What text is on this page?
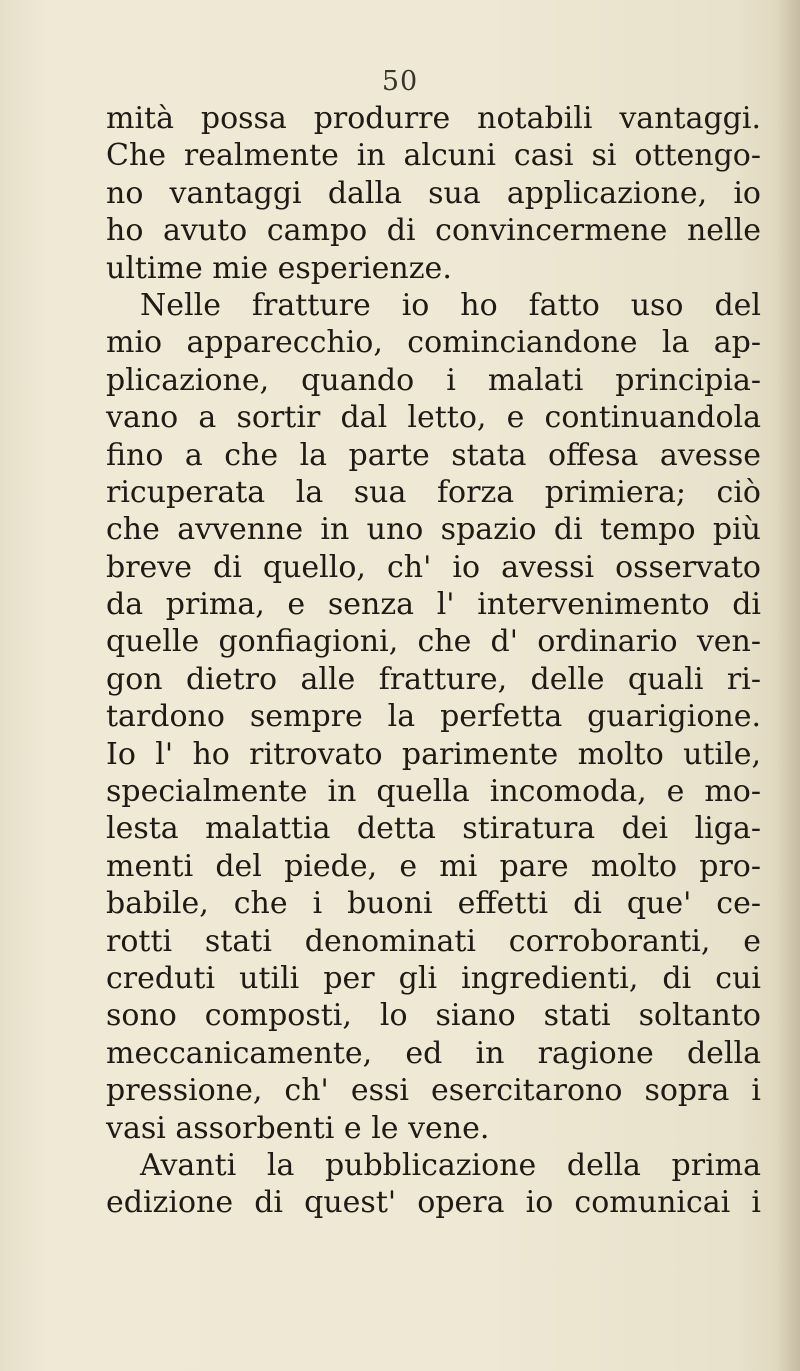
50
mità possa produrre notabili vantaggi.
Che realmente in alcuni casi si ottengo-
no vantaggi dalla sua applicazione, io
ho avuto campo di convincermene nelle
ultime mie esperienze.
Nelle fratture io ho fatto uso del
mio apparecchio, cominciandone la ap-
plicazione, quando i malati principia-
vano a sortir dal letto, e continuandola
fino a che la parte stata offesa avesse
ricuperata la sua forza primiera; ciò
che avvenne in uno spazio di tempo più
breve di quello, ch' io avessi osservato
da prima, e senza l' intervenimento di
quelle gonfiagioni, che d' ordinario ven-
gon dietro alle fratture, delle quali ri-
tardono sempre la perfetta guarigione.
Io l' ho ritrovato parimente molto utile,
specialmente in quella incomoda, e mo-
lesta malattia detta stiratura dei liga-
menti del piede, e mi pare molto pro-
babile, che i buoni effetti di que' ce-
rotti stati denominati corroboranti, e
creduti utili per gli ingredienti, di cui
sono composti, lo siano stati soltanto
meccanicamente, ed in ragione della
pressione, ch' essi esercitarono sopra i
vasi assorbenti e le vene.
Avanti la pubblicazione della prima
edizione di quest' opera io comunicai i
